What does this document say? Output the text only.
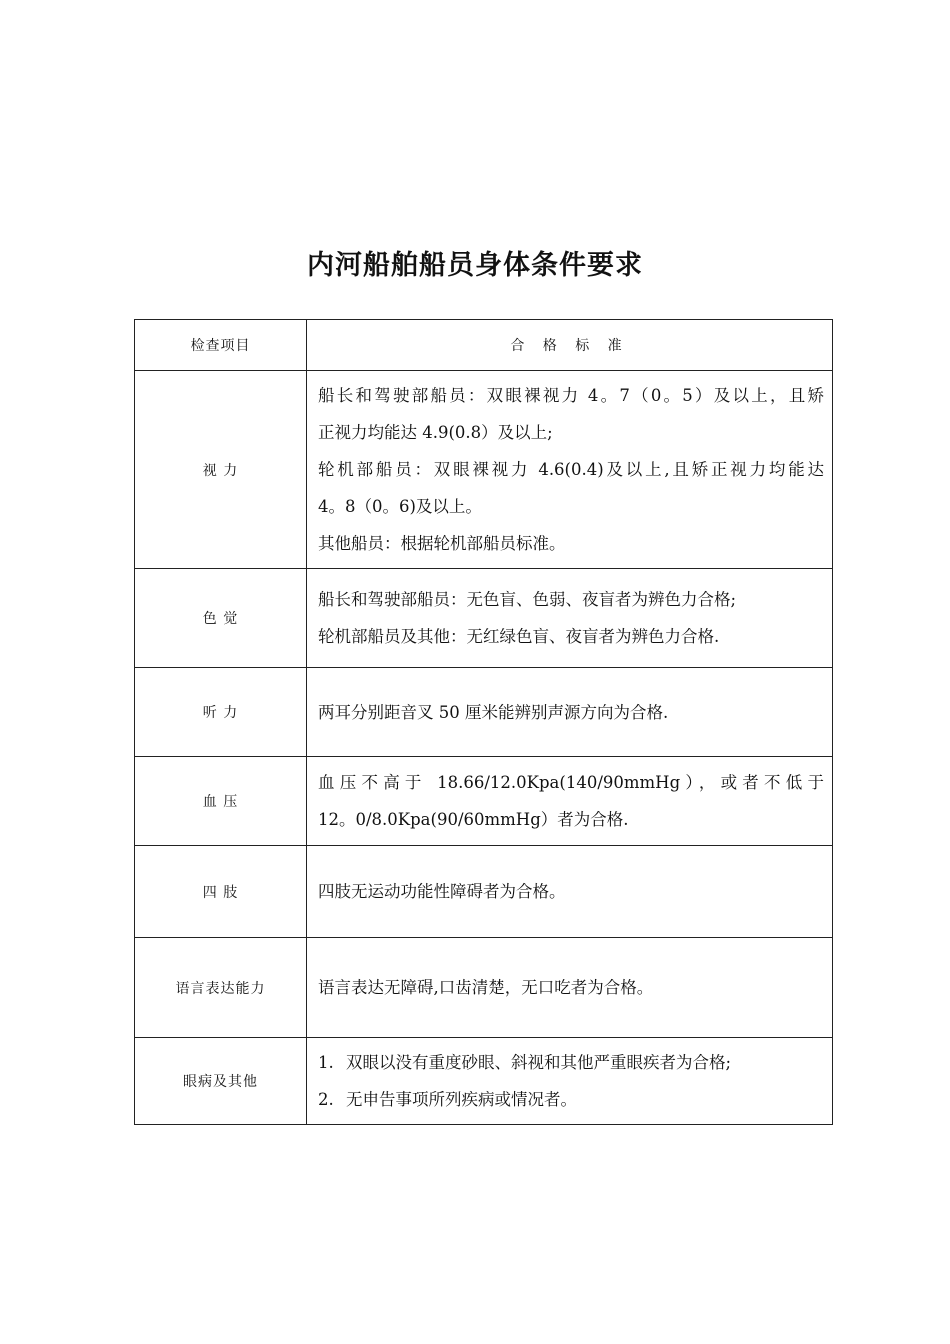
内河船舶船员身体条件要求
检查项目	合 格 标 准
视 力	船长和驾驶部船员：双眼裸视力 4。7（0。5）及以上，且矫
正视力均能达 4.9(0.8）及以上;
轮机部船员：双眼裸视力 4.6(0.4)及以上,且矫正视力均能达
4。8（0。6)及以上。
其他船员：根据轮机部船员标准。

色 觉	船长和驾驶部船员：无色盲、色弱、夜盲者为辨色力合格;
轮机部船员及其他：无红绿色盲、夜盲者为辨色力合格.

听 力	两耳分别距音叉 50 厘米能辨别声源方向为合格.

血 压	血压不高于 18.66/12.0Kpa(140/90mmHg），或者不低于
12。0/8.0Kpa(90/60mmHg）者为合格.

四 肢	四肢无运动功能性障碍者为合格。

语言表达能力	语言表达无障碍,口齿清楚，无口吃者为合格。

眼病及其他	1. 双眼以没有重度砂眼、斜视和其他严重眼疾者为合格;
2. 无申告事项所列疾病或情况者。
